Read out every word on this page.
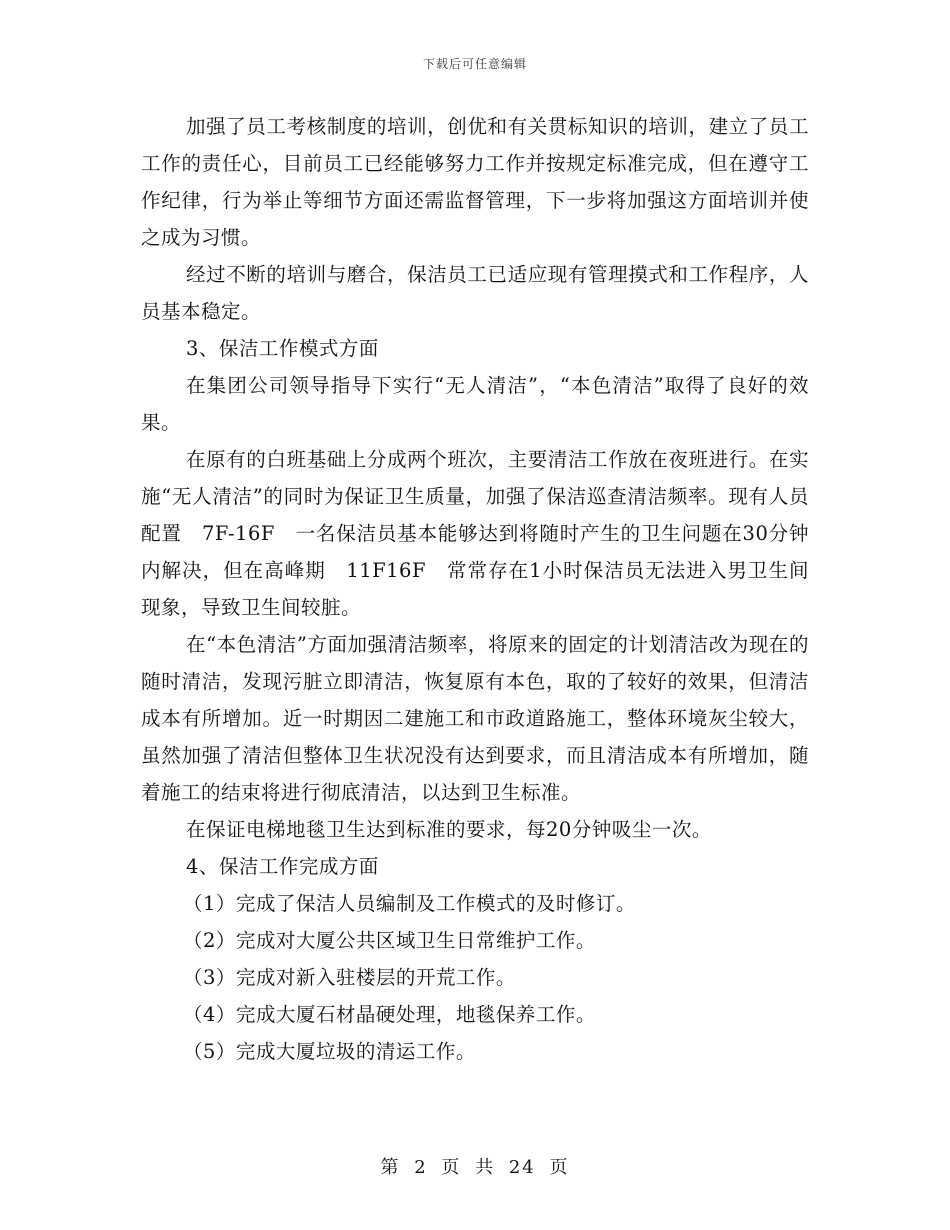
下载后可任意编辑

加强了员工考核制度的培训，创优和有关贯标知识的培训，建立了员工工作的责任心，目前员工已经能够努力工作并按规定标准完成，但在遵守工作纪律，行为举止等细节方面还需监督管理，下一步将加强这方面培训并使之成为习惯。

经过不断的培训与磨合，保洁员工已适应现有管理摸式和工作程序，人员基本稳定。

3、保洁工作模式方面

在集团公司领导指导下实行“无人清洁”，“本色清洁”取得了良好的效果。

在原有的白班基础上分成两个班次，主要清洁工作放在夜班进行。在实施“无人清洁”的同时为保证卫生质量，加强了保洁巡查清洁频率。现有人员配置　7F-16F　一名保洁员基本能够达到将随时产生的卫生问题在30分钟内解决，但在高峰期　11F16F　常常存在1小时保洁员无法进入男卫生间现象，导致卫生间较脏。

在“本色清洁”方面加强清洁频率，将原来的固定的计划清洁改为现在的随时清洁，发现污脏立即清洁，恢复原有本色，取的了较好的效果，但清洁成本有所增加。近一时期因二建施工和市政道路施工，整体环境灰尘较大，虽然加强了清洁但整体卫生状况没有达到要求，而且清洁成本有所增加，随着施工的结束将进行彻底清洁，以达到卫生标准。

在保证电梯地毯卫生达到标准的要求，每20分钟吸尘一次。

4、保洁工作完成方面

（1）完成了保洁人员编制及工作模式的及时修订。

（2）完成对大厦公共区域卫生日常维护工作。

（3）完成对新入驻楼层的开荒工作。

（4）完成大厦石材晶硬处理，地毯保养工作。

（5）完成大厦垃圾的清运工作。

第 2 页 共 24 页
